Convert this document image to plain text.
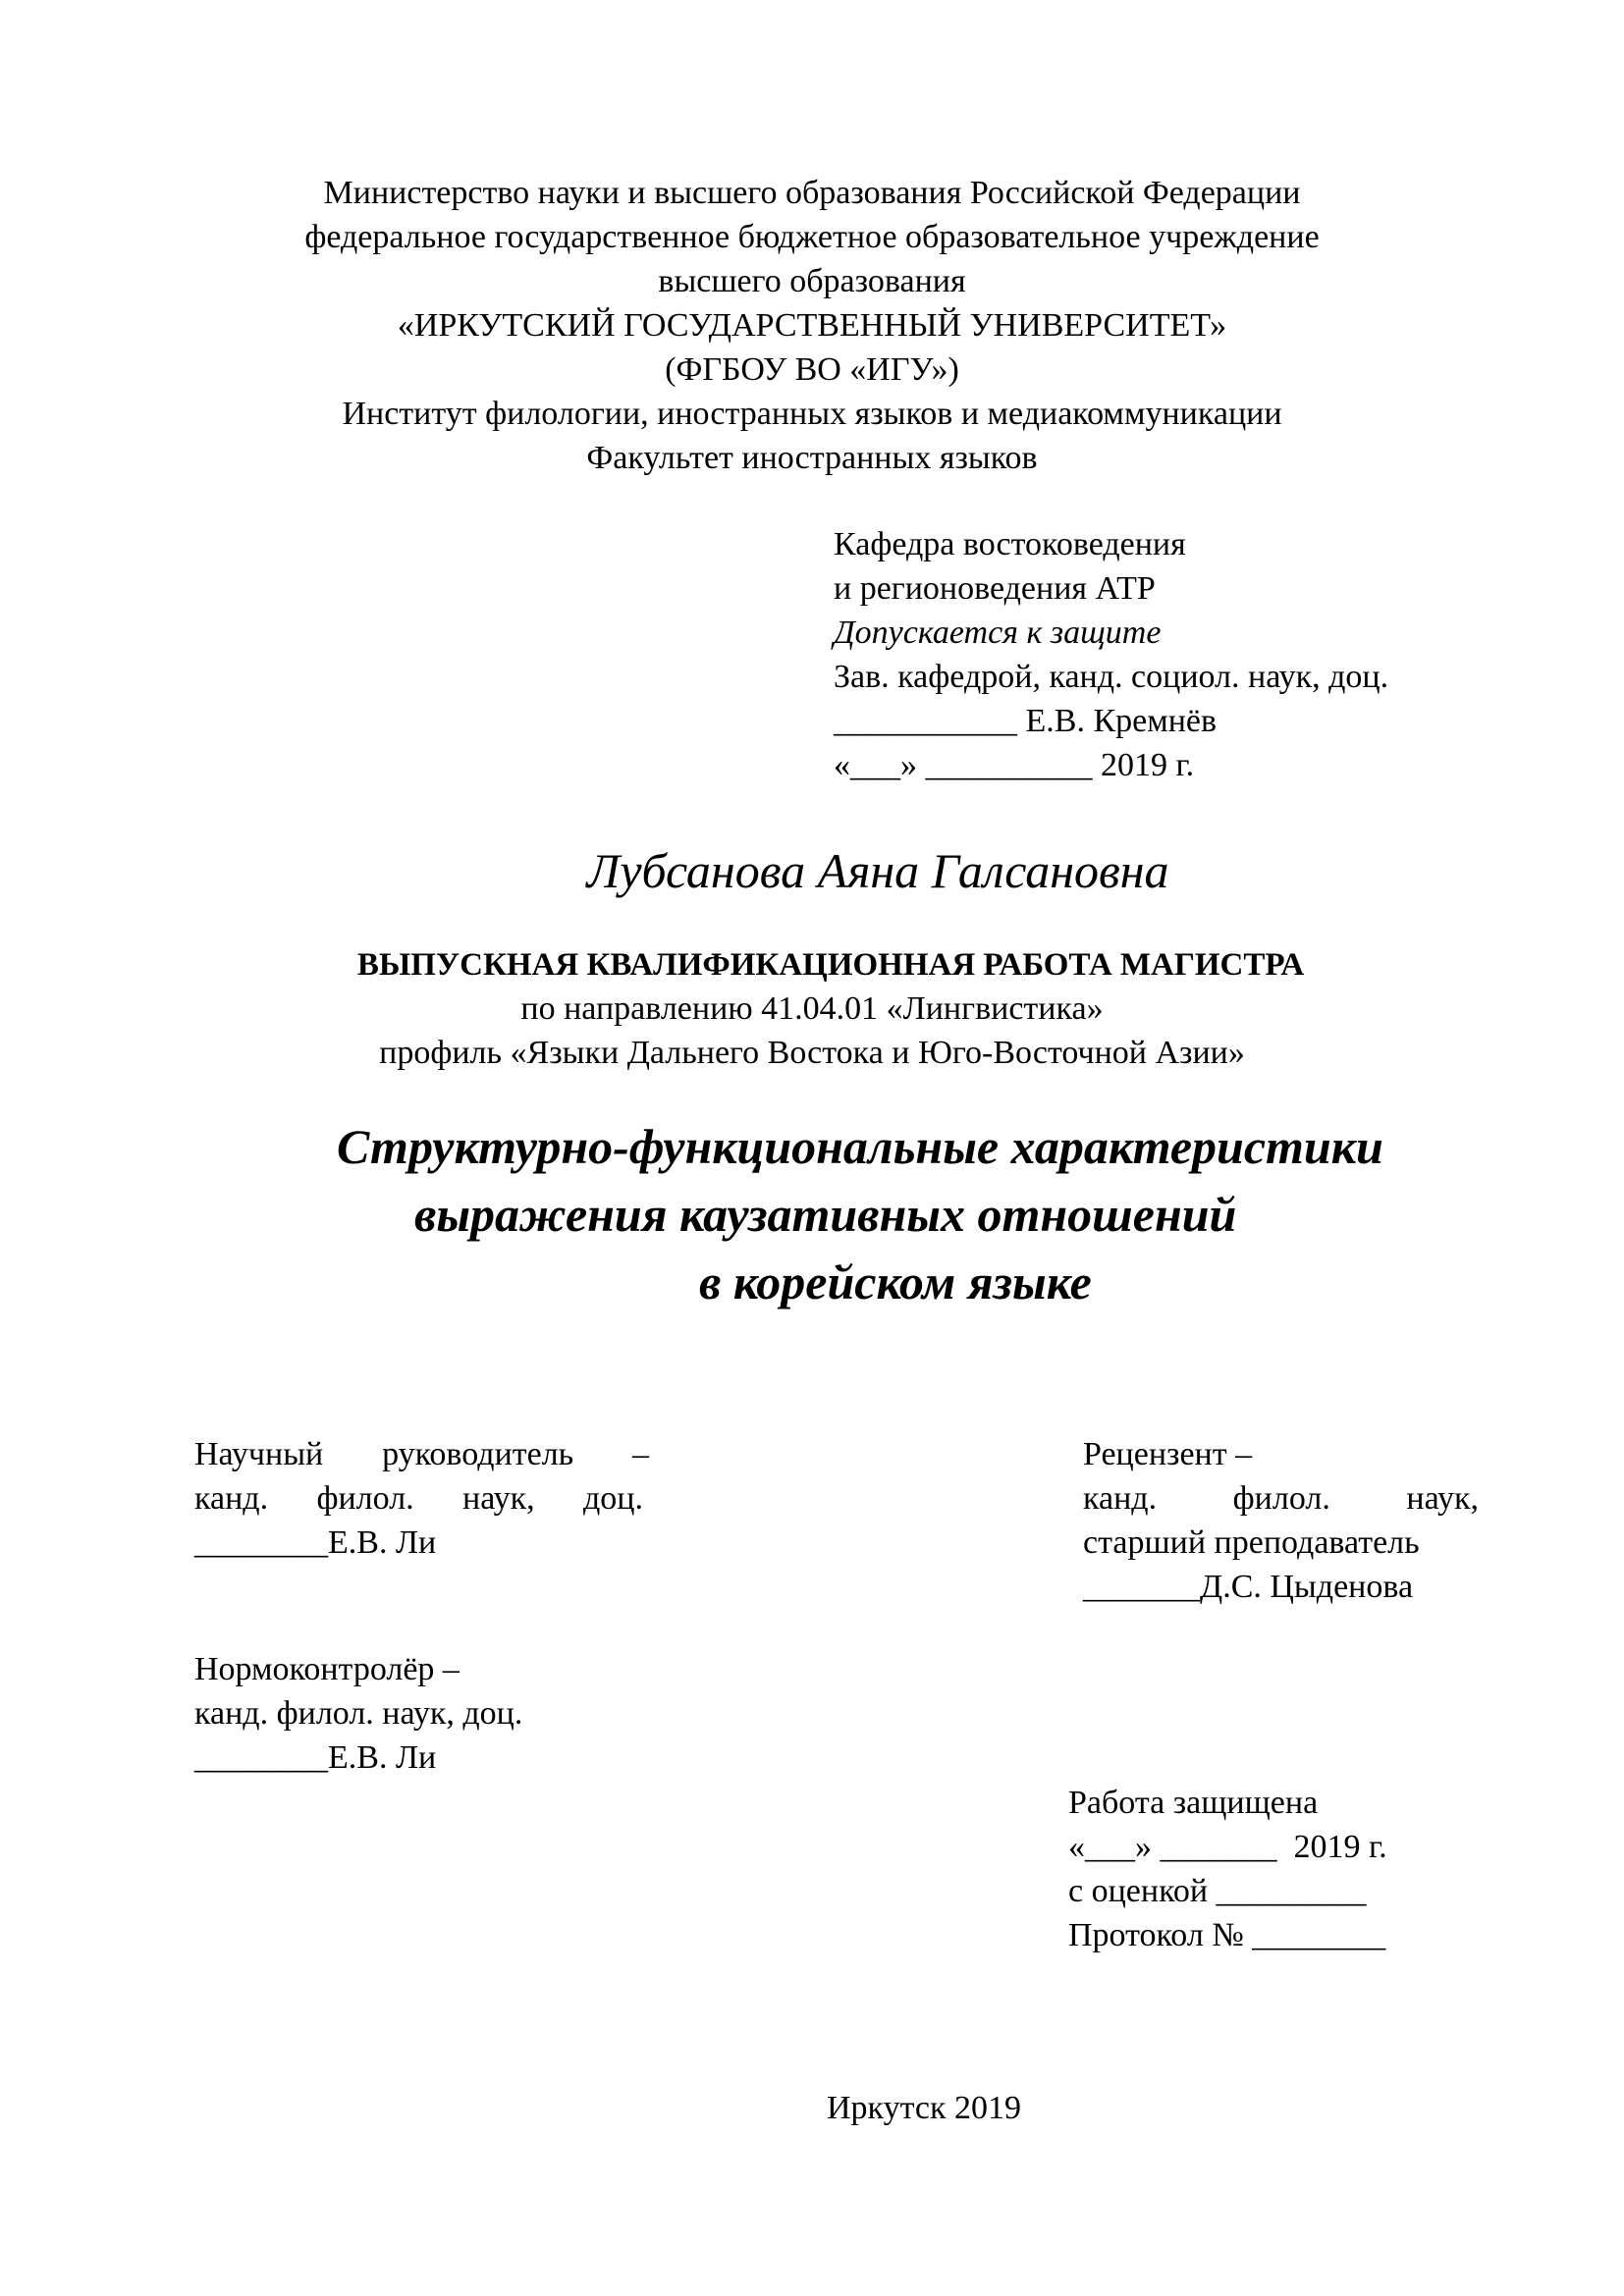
Министерство науки и высшего образования Российской Федерации
федеральное государственное бюджетное образовательное учреждение
высшего образования
«ИРКУТСКИЙ ГОСУДАРСТВЕННЫЙ УНИВЕРСИТЕТ»
(ФГБОУ ВО «ИГУ»)
Институт филологии, иностранных языков и медиакоммуникации
Факультет иностранных языков
Кафедра востоковедения
и регионоведения АТР
Допускается к защите
Зав. кафедрой, канд. социол. наук, доц.
___________ Е.В. Кремнёв
«___» __________ 2019 г.
Лубсанова Аяна Галсановна
ВЫПУСКНАЯ КВАЛИФИКАЦИОННАЯ РАБОТА МАГИСТРА
по направлению 41.04.01 «Лингвистика»
профиль «Языки Дальнего Востока и Юго-Восточной Азии»
Структурно-функциональные характеристики
выражения каузативных отношений
в корейском языке
Научный руководитель –
канд. филол. наук, доц.
________Е.В. Ли
Рецензент –
канд. филол. наук,
старший преподаватель
_______Д.С. Цыденова
Нормоконтролёр –
канд. филол. наук, доц.
________Е.В. Ли
Работа защищена
«___» _______  2019 г.
с оценкой _________
Протокол № ________
Иркутск 2019
